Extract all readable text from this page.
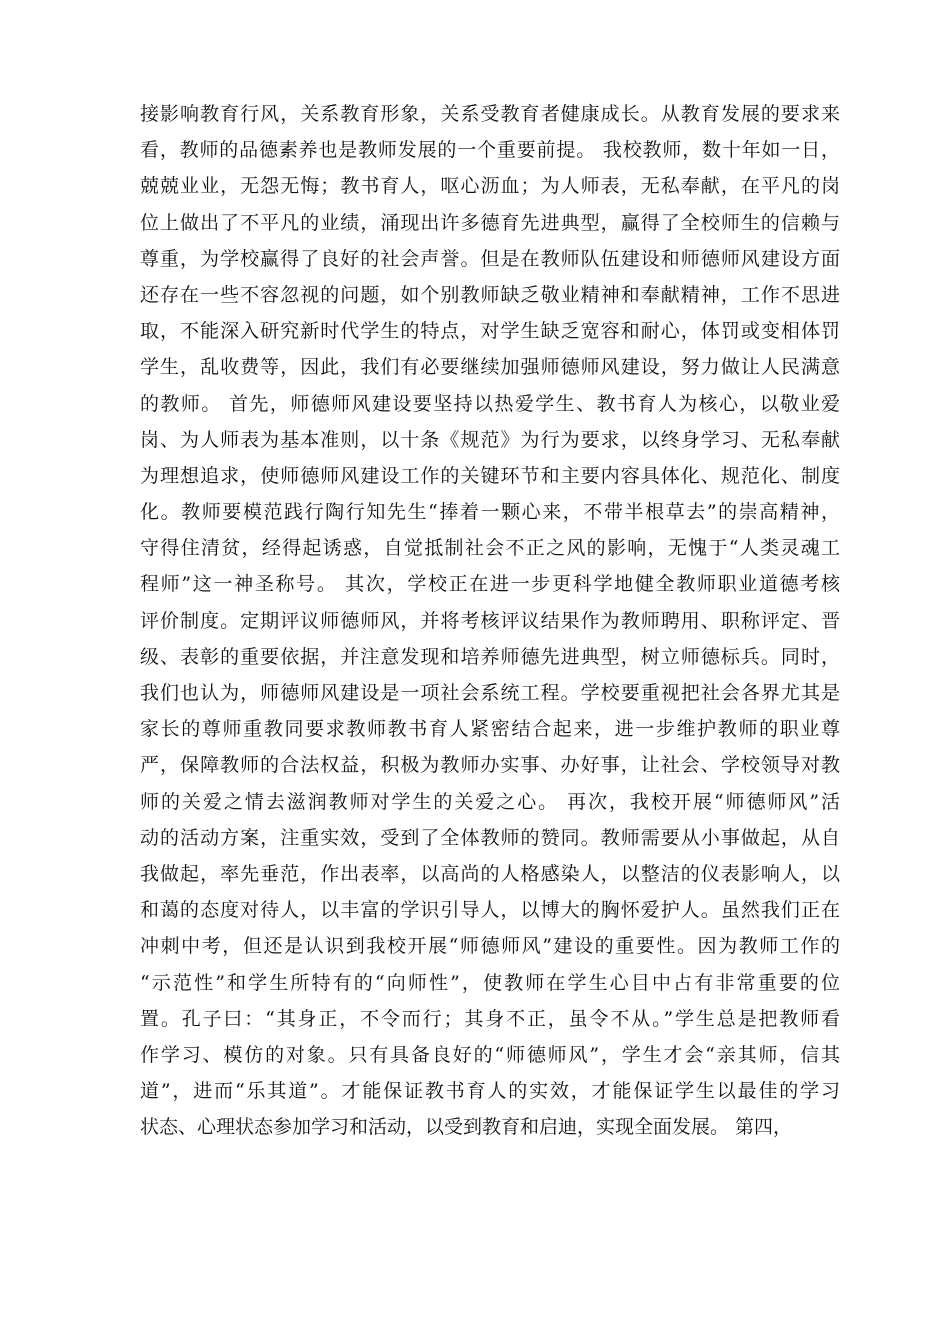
接影响教育行风，关系教育形象，关系受教育者健康成长。从教育发展的要求来
看，教师的品德素养也是教师发展的一个重要前提。 我校教师，数十年如一日，
兢兢业业，无怨无悔；教书育人，呕心沥血；为人师表，无私奉献，在平凡的岗
位上做出了不平凡的业绩，涌现出许多德育先进典型，赢得了全校师生的信赖与
尊重，为学校赢得了良好的社会声誉。但是在教师队伍建设和师德师风建设方面
还存在一些不容忽视的问题，如个别教师缺乏敬业精神和奉献精神，工作不思进
取，不能深入研究新时代学生的特点，对学生缺乏宽容和耐心，体罚或变相体罚
学生，乱收费等，因此，我们有必要继续加强师德师风建设，努力做让人民满意
的教师。 首先，师德师风建设要坚持以热爱学生、教书育人为核心，以敬业爱
岗、为人师表为基本准则，以十条《规范》为行为要求，以终身学习、无私奉献
为理想追求，使师德师风建设工作的关键环节和主要内容具体化、规范化、制度
化。教师要模范践行陶行知先生“捧着一颗心来，不带半根草去”的崇高精神，
守得住清贫，经得起诱惑，自觉抵制社会不正之风的影响，无愧于“人类灵魂工
程师”这一神圣称号。 其次，学校正在进一步更科学地健全教师职业道德考核
评价制度。定期评议师德师风，并将考核评议结果作为教师聘用、职称评定、晋
级、表彰的重要依据，并注意发现和培养师德先进典型，树立师德标兵。同时，
我们也认为，师德师风建设是一项社会系统工程。学校要重视把社会各界尤其是
家长的尊师重教同要求教师教书育人紧密结合起来，进一步维护教师的职业尊
严，保障教师的合法权益，积极为教师办实事、办好事，让社会、学校领导对教
师的关爱之情去滋润教师对学生的关爱之心。 再次，我校开展“师德师风”活
动的活动方案，注重实效，受到了全体教师的赞同。教师需要从小事做起，从自
我做起，率先垂范，作出表率，以高尚的人格感染人，以整洁的仪表影响人，以
和蔼的态度对待人，以丰富的学识引导人，以博大的胸怀爱护人。虽然我们正在
冲刺中考，但还是认识到我校开展“师德师风”建设的重要性。因为教师工作的
“示范性”和学生所特有的“向师性”，使教师在学生心目中占有非常重要的位
置。孔子曰：“其身正，不令而行；其身不正，虽令不从。”学生总是把教师看
作学习、模仿的对象。只有具备良好的“师德师风”，学生才会“亲其师，信其
道”，进而“乐其道”。才能保证教书育人的实效，才能保证学生以最佳的学习
状态、心理状态参加学习和活动，以受到教育和启迪，实现全面发展。 第四，
